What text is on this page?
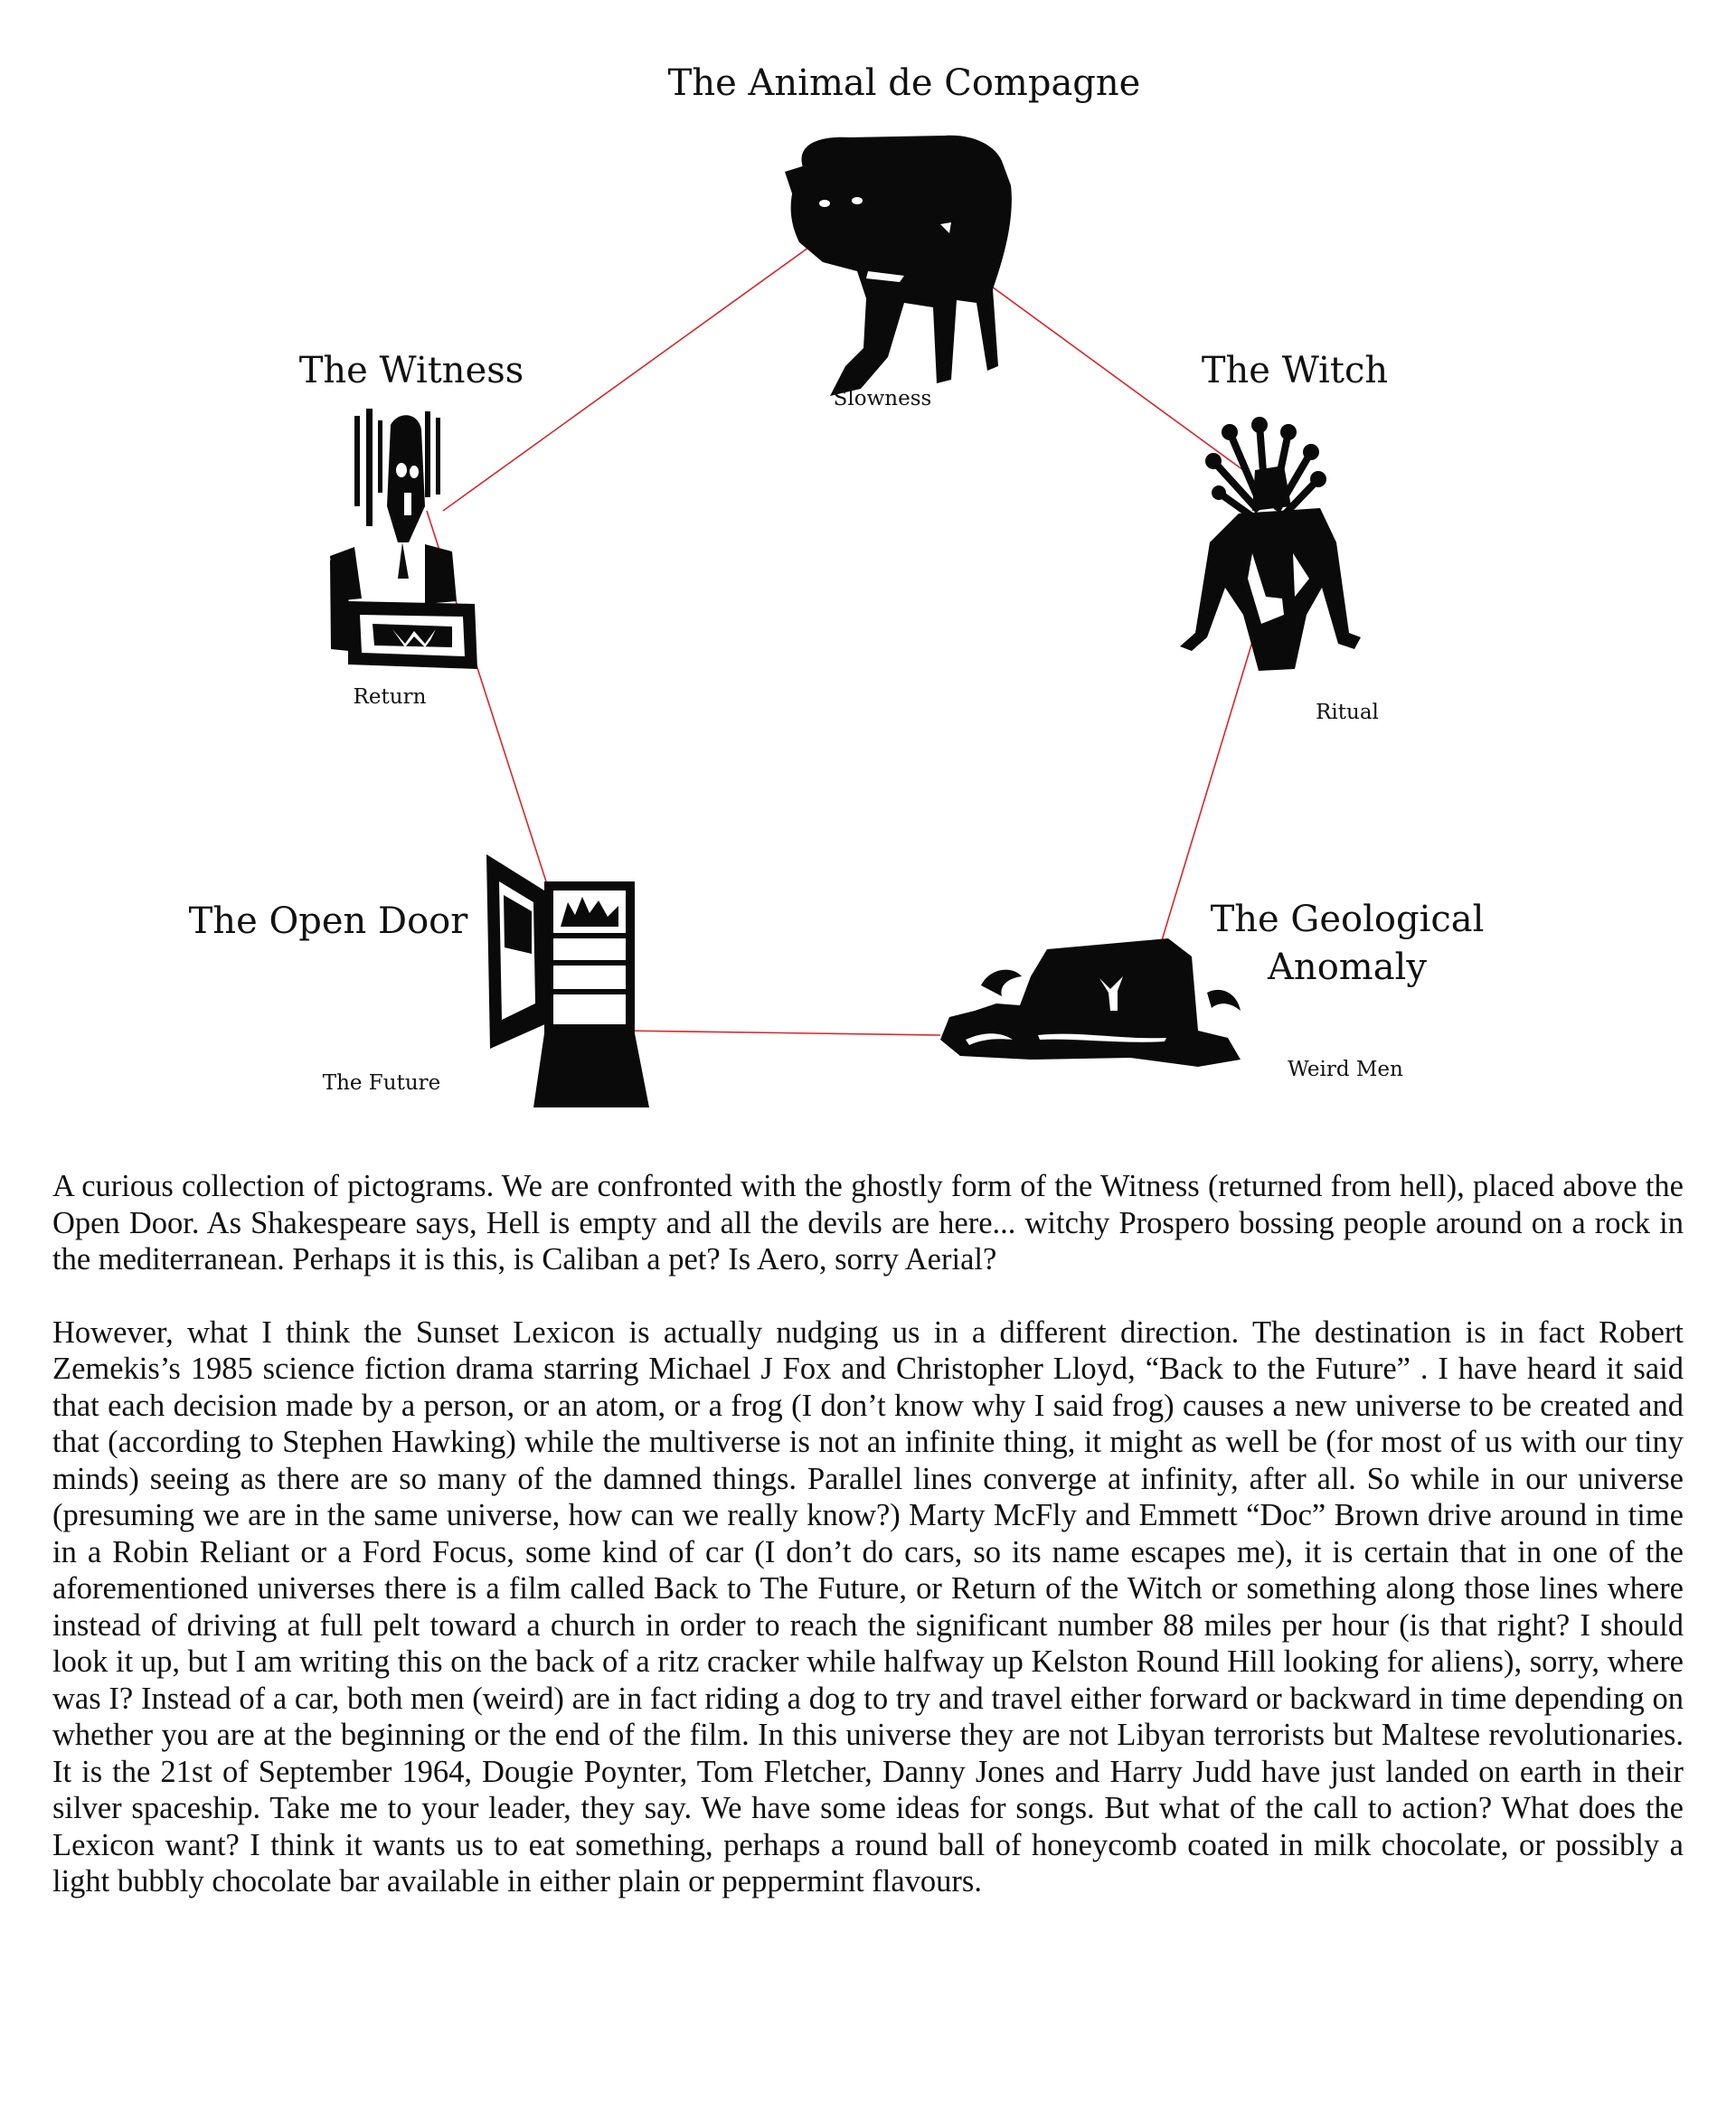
The Animal de Compagne
Slowness
The Witch
Ritual
The Geological
Anomaly
Weird Men
The Open Door
The Future
The Witness
Return

A curious collection of pictograms. We are confronted with the ghostly form of the Witness (returned from hell), placed above the Open Door. As Shakespeare says, Hell is empty and all the devils are here... witchy Prospero bossing people around on a rock in the mediterranean. Perhaps it is this, is Caliban a pet? Is Aero, sorry Aerial?

However, what I think the Sunset Lexicon is actually nudging us in a different direction. The destination is in fact Robert Zemekis’s 1985 science fiction drama starring Michael J Fox and Christopher Lloyd, “Back to the Future” . I have heard it said that each decision made by a person, or an atom, or a frog (I don’t know why I said frog) causes a new universe to be created and that (according to Stephen Hawking) while the multiverse is not an infinite thing, it might as well be (for most of us with our tiny minds) seeing as there are so many of the damned things. Parallel lines converge at infinity, after all. So while in our universe (presuming we are in the same universe, how can we really know?) Marty McFly and Emmett “Doc” Brown drive around in time in a Robin Reliant or a Ford Focus, some kind of car (I don’t do cars, so its name escapes me), it is certain that in one of the aforementioned universes there is a film called Back to The Future, or Return of the Witch or something along those lines where instead of driving at full pelt toward a church in order to reach the significant number 88 miles per hour (is that right? I should look it up, but I am writing this on the back of a ritz cracker while halfway up Kelston Round Hill looking for aliens), sorry, where was I? Instead of a car, both men (weird) are in fact riding a dog to try and travel either forward or backward in time depending on whether you are at the beginning or the end of the film. In this universe they are not Libyan terrorists but Maltese revolutionaries. It is the 21st of September 1964, Dougie Poynter, Tom Fletcher, Danny Jones and Harry Judd have just landed on earth in their silver spaceship. Take me to your leader, they say. We have some ideas for songs. But what of the call to action? What does the Lexicon want? I think it wants us to eat something, perhaps a round ball of honeycomb coated in milk chocolate, or possibly a light bubbly chocolate bar available in either plain or peppermint flavours.
